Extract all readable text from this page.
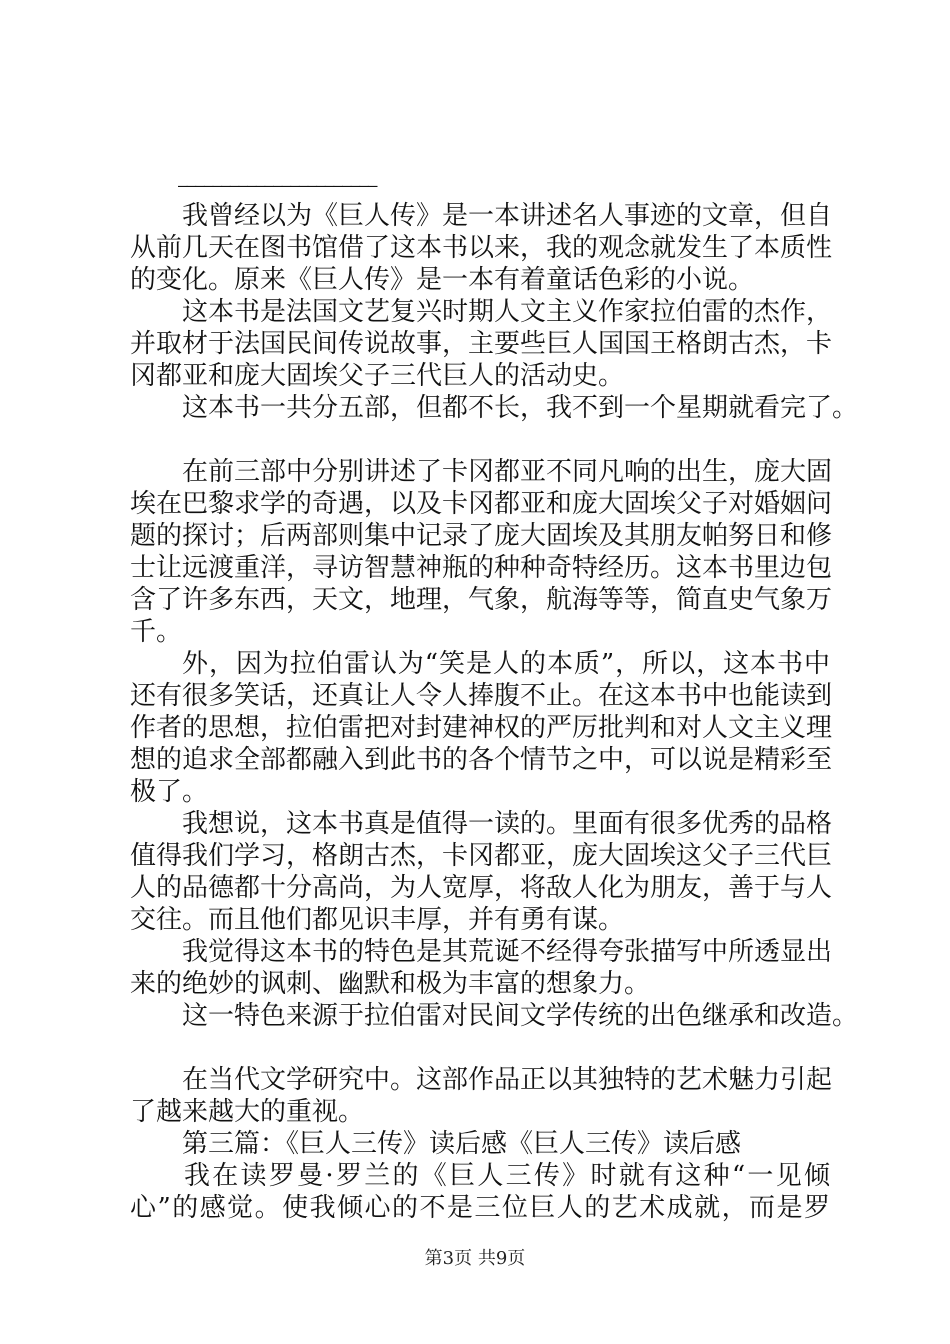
———————————————————————
我曾经以为《巨人传》是一本讲述名人事迹的文章，但自
从前几天在图书馆借了这本书以来，我的观念就发生了本质性
的变化。原来《巨人传》是一本有着童话色彩的小说。
这本书是法国文艺复兴时期人文主义作家拉伯雷的杰作，
并取材于法国民间传说故事，主要些巨人国国王格朗古杰，卡
冈都亚和庞大固埃父子三代巨人的活动史。
这本书一共分五部，但都不长，我不到一个星期就看完了。
在前三部中分别讲述了卡冈都亚不同凡响的出生，庞大固
埃在巴黎求学的奇遇，以及卡冈都亚和庞大固埃父子对婚姻问
题的探讨；后两部则集中记录了庞大固埃及其朋友帕努日和修
士让远渡重洋，寻访智慧神瓶的种种奇特经历。这本书里边包
含了许多东西，天文，地理，气象，航海等等，简直史气象万
千。
外，因为拉伯雷认为“笑是人的本质”，所以，这本书中
还有很多笑话，还真让人令人捧腹不止。在这本书中也能读到
作者的思想，拉伯雷把对封建神权的严厉批判和对人文主义理
想的追求全部都融入到此书的各个情节之中，可以说是精彩至
极了。
我想说，这本书真是值得一读的。里面有很多优秀的品格
值得我们学习，格朗古杰，卡冈都亚，庞大固埃这父子三代巨
人的品德都十分高尚，为人宽厚，将敌人化为朋友，善于与人
交往。而且他们都见识丰厚，并有勇有谋。
我觉得这本书的特色是其荒诞不经得夸张描写中所透显出
来的绝妙的讽刺、幽默和极为丰富的想象力。
这一特色来源于拉伯雷对民间文学传统的出色继承和改造。
在当代文学研究中。这部作品正以其独特的艺术魅力引起
了越来越大的重视。
第三篇：《巨人三传》读后感《巨人三传》读后感
我在读罗曼·罗兰的《巨人三传》时就有这种“一见倾
心”的感觉。使我倾心的不是三位巨人的艺术成就，而是罗
第3页 共9页
